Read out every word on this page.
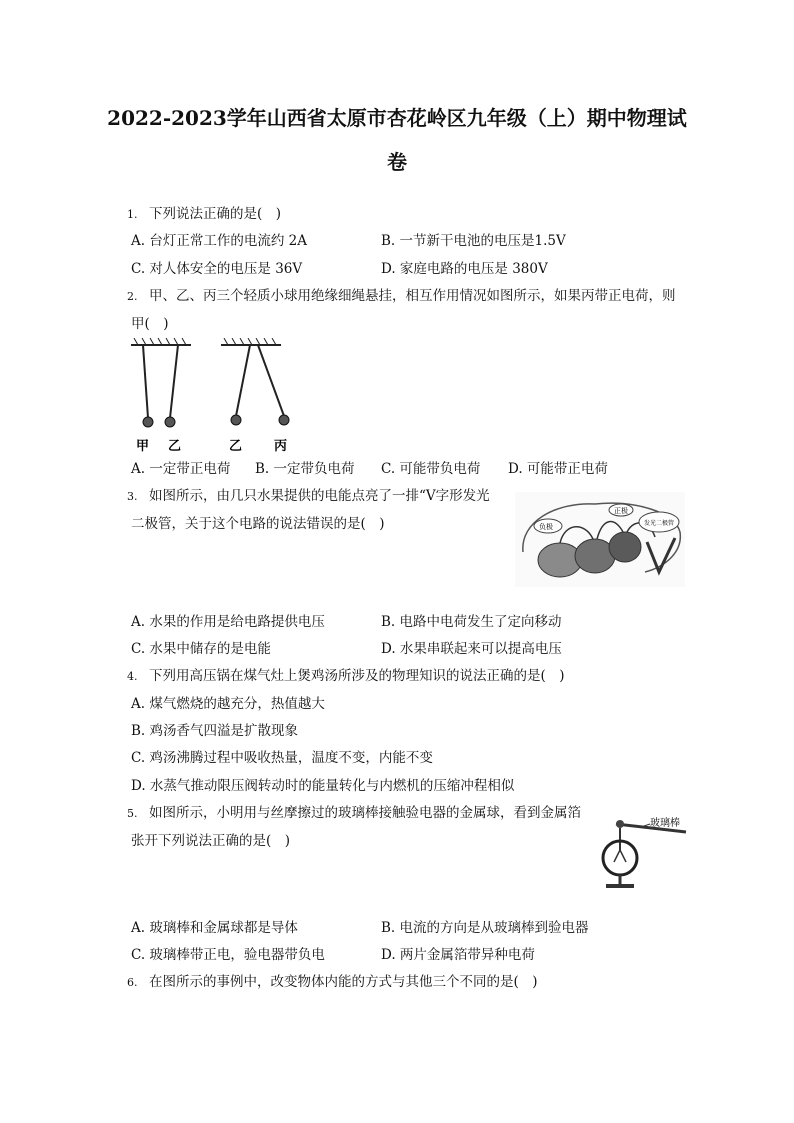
2022-2023学年山西省太原市杏花岭区九年级（上）期中物理试
卷
1. 下列说法正确的是(　)
A. 台灯正常工作的电流约 2A	B. 一节新干电池的电压是1.5V
C. 对人体安全的电压是 36V	D. 家庭电路的电压是 380V
2. 甲、乙、丙三个轻质小球用绝缘细绳悬挂，相互作用情况如图所示，如果丙带正电荷，则
甲(　)
甲 乙	乙 丙
A. 一定带正电荷 B. 一定带负电荷 C. 可能带负电荷 D. 可能带正电荷
3. 如图所示，由几只水果提供的电能点亮了一排“V字形发光
二极管，关于这个电路的说法错误的是(　)	负极
正极
发光二极管
A. 水果的作用是给电路提供电压	B. 电路中电荷发生了定向移动
C. 水果中储存的是电能	D. 水果串联起来可以提高电压
4. 下列用高压锅在煤气灶上煲鸡汤所涉及的物理知识的说法正确的是(　)
A. 煤气燃烧的越充分，热值越大
B. 鸡汤香气四溢是扩散现象
C. 鸡汤沸腾过程中吸收热量，温度不变，内能不变
D. 水蒸气推动限压阀转动时的能量转化与内燃机的压缩冲程相似
5. 如图所示，小明用与丝摩擦过的玻璃棒接触验电器的金属球，看到金属箔
张开下列说法正确的是(　)
玻璃棒
A. 玻璃棒和金属球都是导体	B. 电流的方向是从玻璃棒到验电器
C. 玻璃棒带正电，验电器带负电	D. 两片金属箔带异种电荷
6. 在图所示的事例中，改变物体内能的方式与其他三个不同的是(　)
